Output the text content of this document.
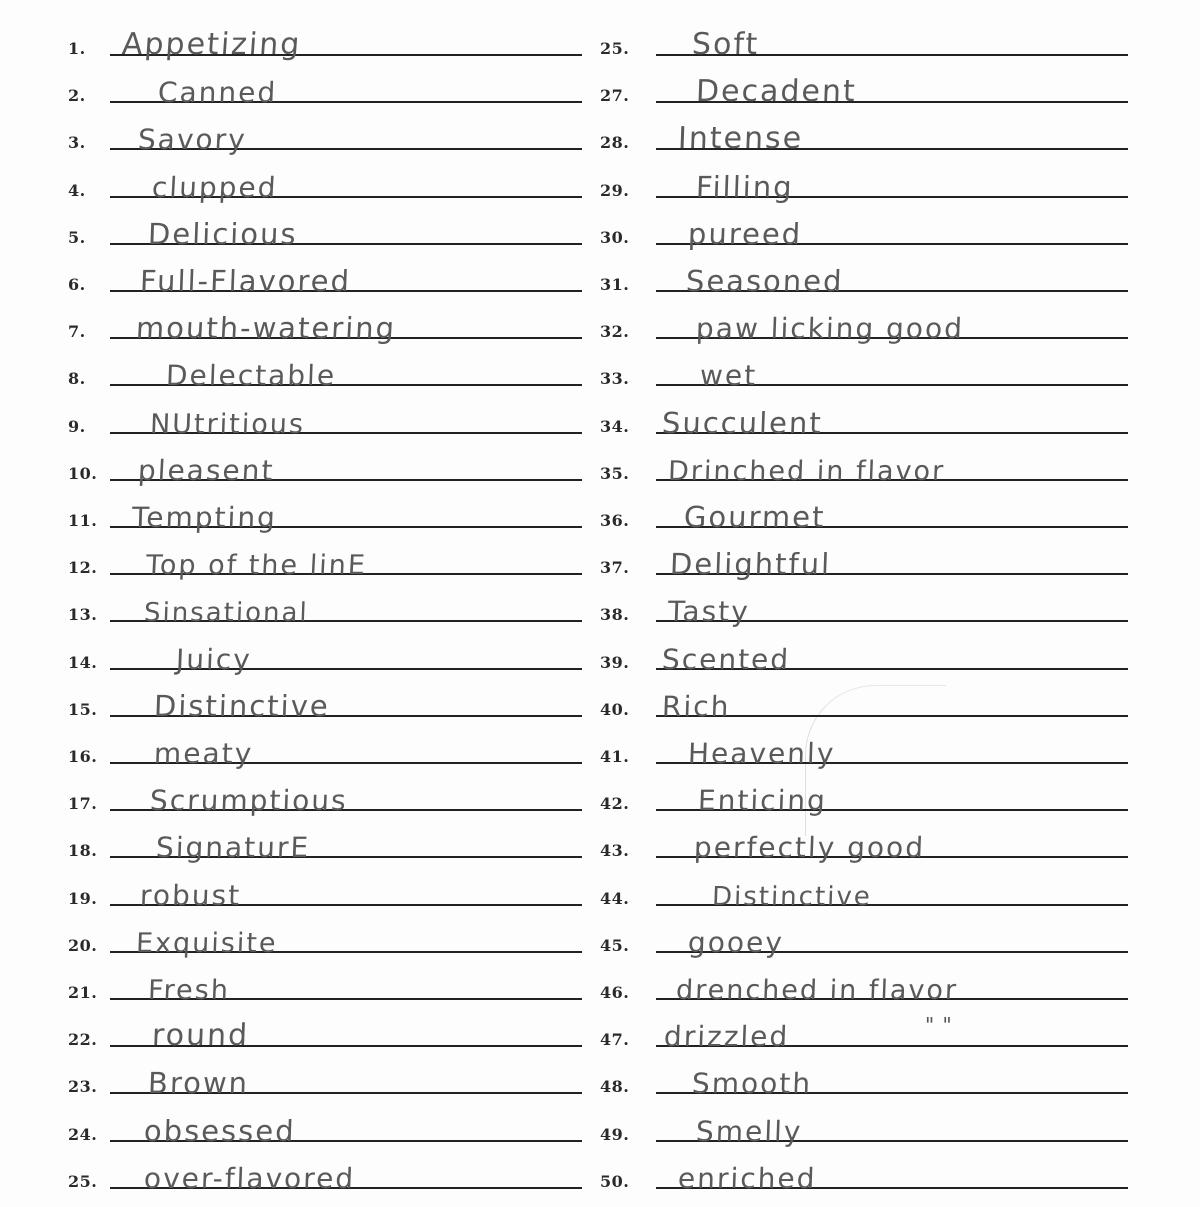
1.	Appetizing
2.	Canned
3.	Savory
4.	clupped
5.	Delicious
6.	Full-Flavored
7.	mouth-watering
8.	Delectable
9.	NUtritious
10.	pleasent
11.	Tempting
12.	Top of the linE
13.	Sinsational
14.	Juicy
15.	Distinctive
16.	meaty
17.	Scrumptious
18.	SignaturE
19.	robust
20.	Exquisite
21.	Fresh
22.	round
23.	Brown
24.	obsessed
25.	over-flavored
25.	Soft
27.	Decadent
28.	Intense
29.	Filling
30.	pureed
31.	Seasoned
32.	paw licking good
33.	wet
34.	Succulent
35.	Drinched in flavor
36.	Gourmet
37.	Delightful
38.	Tasty
39.	Scented
40.	Rich
41.	Heavenly
42.	Enticing
43.	perfectly good
44.	Distinctive
45.	gooey
46.	drenched in flavor
47.	drizzled
48.	Smooth
49.	Smelly
50.	enriched
" "
